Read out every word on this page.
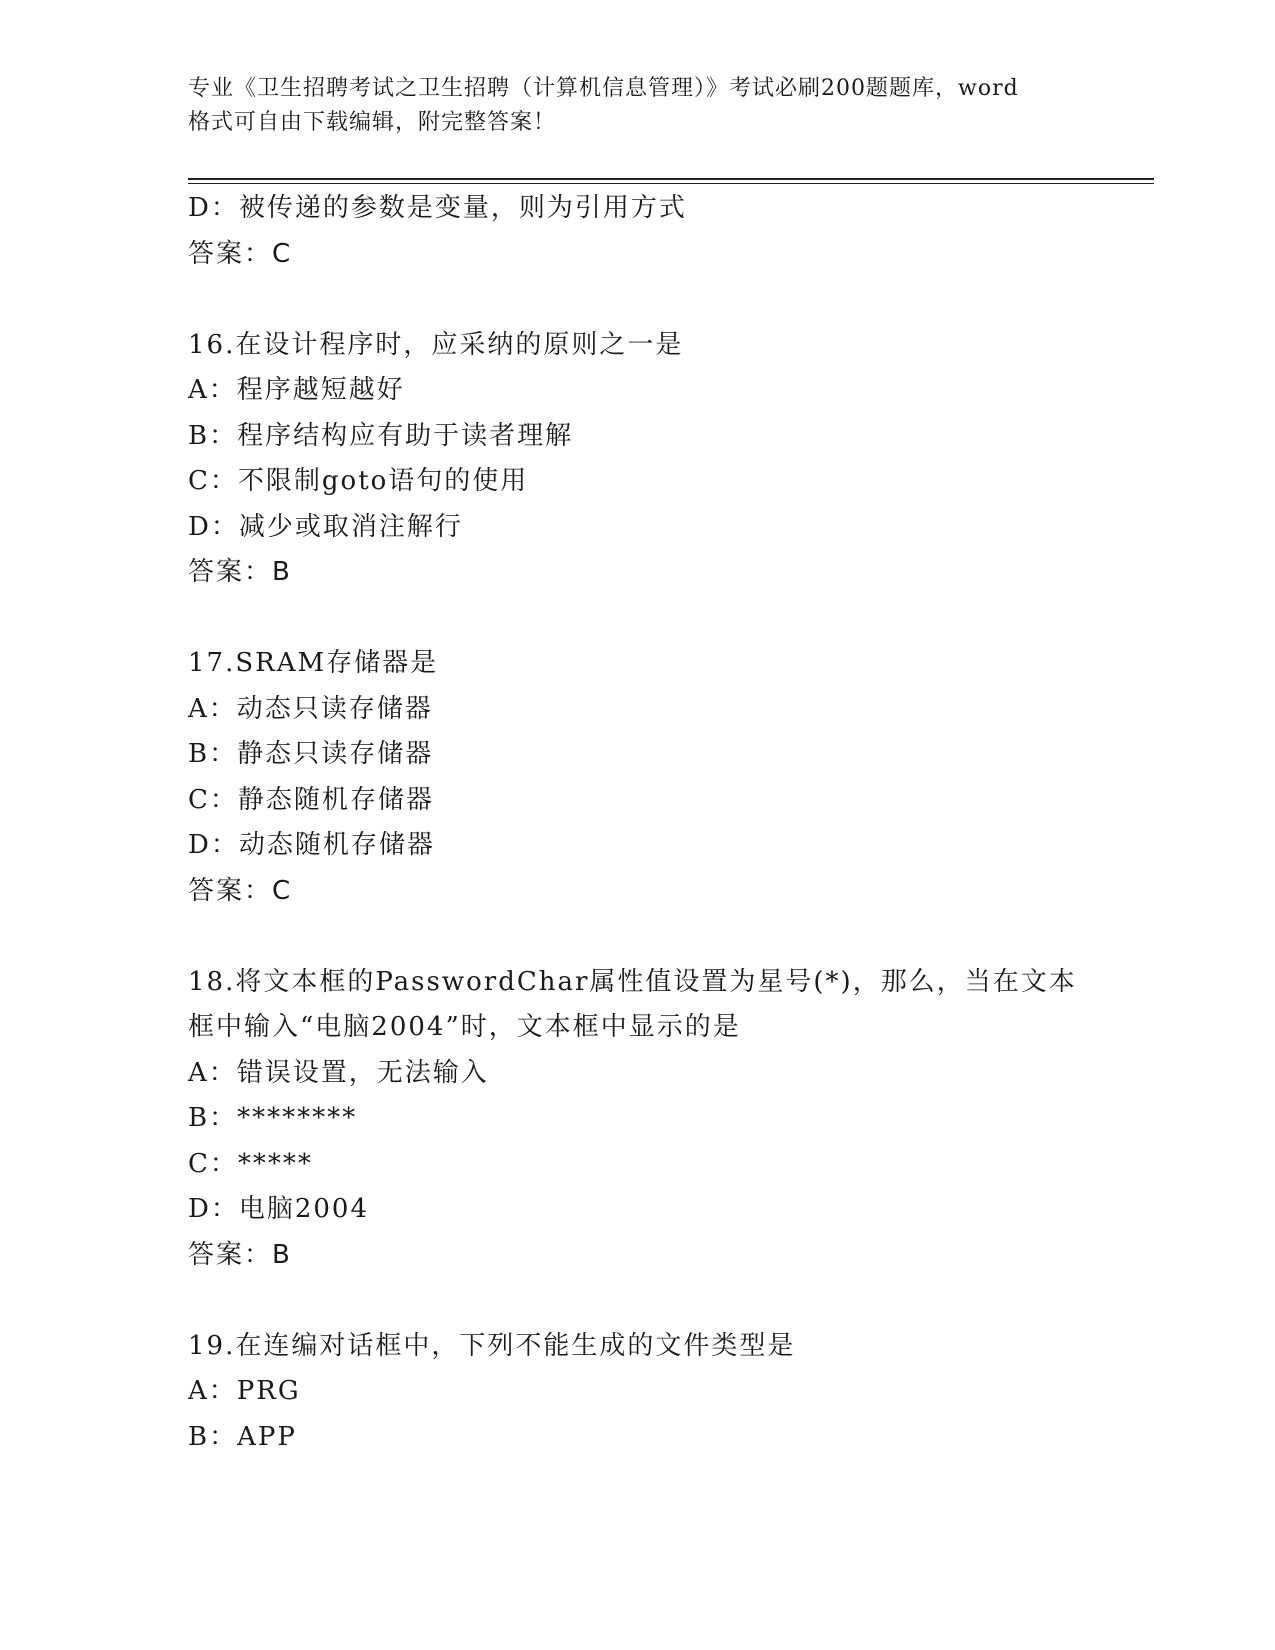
专业《卫生招聘考试之卫生招聘（计算机信息管理）》考试必刷200题题库，word
格式可自由下载编辑，附完整答案！
D：被传递的参数是变量，则为引用方式
答案：C
16.在设计程序时，应采纳的原则之一是
A：程序越短越好
B：程序结构应有助于读者理解
C：不限制goto语句的使用
D：减少或取消注解行
答案：B
17.SRAM存储器是
A：动态只读存储器
B：静态只读存储器
C：静态随机存储器
D：动态随机存储器
答案：C
18.将文本框的PasswordChar属性值设置为星号(*)，那么，当在文本
框中输入“电脑2004”时，文本框中显示的是
A：错误设置，无法输入
B：********
C：*****
D：电脑2004
答案：B
19.在连编对话框中，下列不能生成的文件类型是
A：PRG
B：APP
